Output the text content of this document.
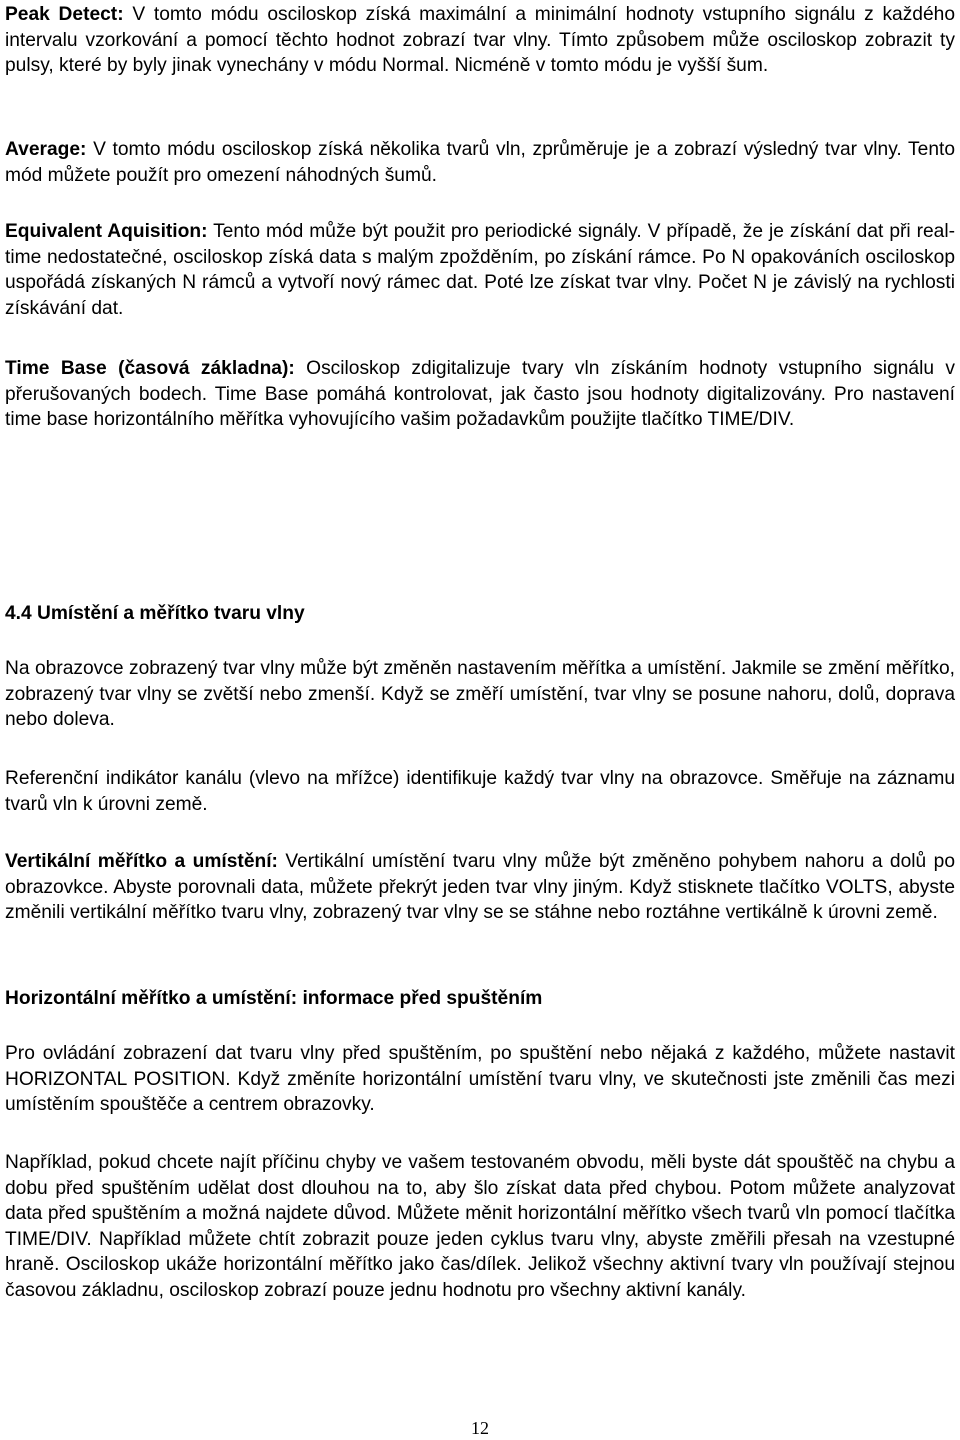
Peak Detect: V tomto módu osciloskop získá maximální a minimální hodnoty vstupního signálu z každého intervalu vzorkování a pomocí těchto hodnot zobrazí tvar vlny. Tímto způsobem může osciloskop zobrazit ty pulsy, které by byly jinak vynechány v módu Normal. Nicméně v tomto módu je vyšší šum.

Average: V tomto módu osciloskop získá několika tvarů vln, zprůměruje je a zobrazí výsledný tvar vlny. Tento mód můžete použít pro omezení náhodných šumů.

Equivalent Aquisition: Tento mód může být použit pro periodické signály. V případě, že je získání dat při real-time nedostatečné, osciloskop získá data s malým zpožděním, po získání rámce. Po N opakováních osciloskop uspořádá získaných N rámců a vytvoří nový rámec dat. Poté lze získat tvar vlny. Počet N je závislý na rychlosti získávání dat.

Time Base (časová základna): Osciloskop zdigitalizuje tvary vln získáním hodnoty vstupního signálu v přerušovaných bodech. Time Base pomáhá kontrolovat, jak často jsou hodnoty digitalizovány. Pro nastavení time base horizontálního měřítka vyhovujícího vašim požadavkům použijte tlačítko TIME/DIV.

4.4 Umístění a měřítko tvaru vlny

Na obrazovce zobrazený tvar vlny může být změněn nastavením měřítka a umístění. Jakmile se změní měřítko, zobrazený tvar vlny se zvětší nebo zmenší. Když se změří umístění, tvar vlny se posune nahoru, dolů, doprava nebo doleva.

Referenční indikátor kanálu (vlevo na mřížce) identifikuje každý tvar vlny na obrazovce. Směřuje na záznamu tvarů vln k úrovni země.

Vertikální měřítko a umístění: Vertikální umístění tvaru vlny může být změněno pohybem nahoru a dolů po obrazovkce. Abyste porovnali data, můžete překrýt jeden tvar vlny jiným. Když stisknete tlačítko VOLTS, abyste změnili vertikální měřítko tvaru vlny, zobrazený tvar vlny se se stáhne nebo roztáhne vertikálně k úrovni země.

Horizontální měřítko a umístění: informace před spuštěním

Pro ovládání zobrazení dat tvaru vlny před spuštěním, po spuštění nebo nějaká z každého, můžete nastavit HORIZONTAL POSITION. Když změníte horizontální umístění tvaru vlny, ve skutečnosti jste změnili čas mezi umístěním spouštěče a centrem obrazovky.

Například, pokud chcete najít příčinu chyby ve vašem testovaném obvodu, měli byste dát spouštěč na chybu a dobu před spuštěním udělat dost dlouhou na to, aby šlo získat data před chybou. Potom můžete analyzovat data před spuštěním a možná najdete důvod. Můžete měnit horizontální měřítko všech tvarů vln pomocí tlačítka TIME/DIV. Například můžete chtít zobrazit pouze jeden cyklus tvaru vlny, abyste změřili přesah na vzestupné hraně. Osciloskop ukáže horizontální měřítko jako čas/dílek. Jelikož všechny aktivní tvary vln používají stejnou časovou základnu, osciloskop zobrazí pouze jednu hodnotu pro všechny aktivní kanály.

12
